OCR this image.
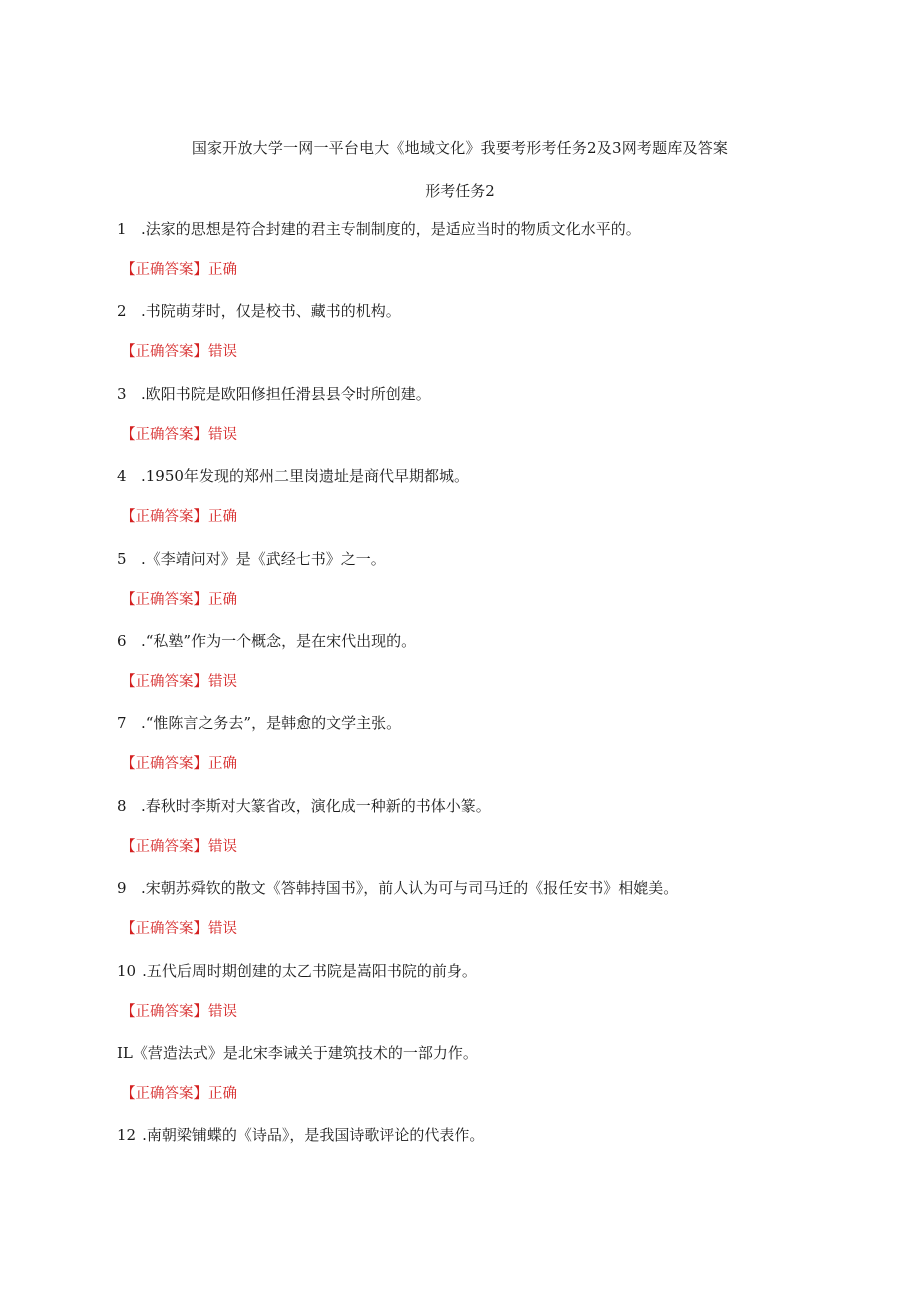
国家开放大学一网一平台电大《地域文化》我要考形考任务2及3网考题库及答案
形考任务2
1 .法家的思想是符合封建的君主专制制度的，是适应当时的物质文化水平的。
【正确答案】正确
2 .书院萌芽时，仅是校书、藏书的机构。
【正确答案】错误
3 .欧阳书院是欧阳修担任滑县县令时所创建。
【正确答案】错误
4 .1950年发现的郑州二里岗遗址是商代早期都城。
【正确答案】正确
5 .《李靖问对》是《武经七书》之一。
【正确答案】正确
6 .“私塾”作为一个概念，是在宋代出现的。
【正确答案】错误
7 .“惟陈言之务去”，是韩愈的文学主张。
【正确答案】正确
8 .春秋时李斯对大篆省改，演化成一种新的书体小篆。
【正确答案】错误
9 .宋朝苏舜钦的散文《答韩持国书》，前人认为可与司马迁的《报任安书》相媲美。
【正确答案】错误
10 .五代后周时期创建的太乙书院是嵩阳书院的前身。
【正确答案】错误
IL《营造法式》是北宋李诫关于建筑技术的一部力作。
【正确答案】正确
12 .南朝梁铺蝶的《诗品》，是我国诗歌评论的代表作。
